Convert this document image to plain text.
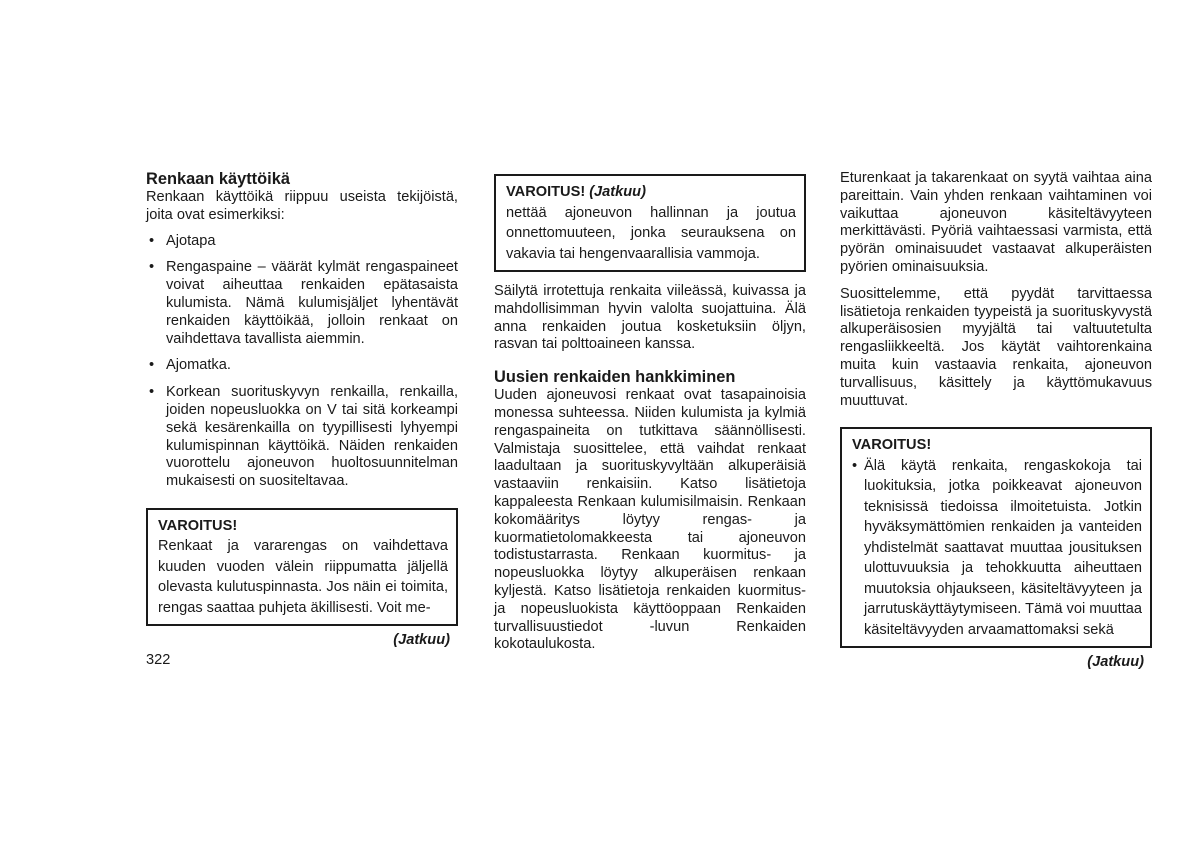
Renkaan käyttöikä

Renkaan käyttöikä riippuu useista tekijöistä, joita ovat esimerkiksi:

• Ajotapa
• Rengaspaine – väärät kylmät rengaspaineet voivat aiheuttaa renkaiden epätasaista kulumista. Nämä kulumisjäljet lyhentävät renkaiden käyttöikää, jolloin renkaat on vaihdettava tavallista aiemmin.
• Ajomatka.
• Korkean suorituskyvyn renkailla, renkailla, joiden nopeusluokka on V tai sitä korkeampi sekä kesärenkailla on tyypillisesti lyhyempi kulumispinnan käyttöikä. Näiden renkaiden vuorottelu ajoneuvon huoltosuunnitelman mukaisesti on suositeltavaa.

VAROITUS!

Renkaat ja vararengas on vaihdettava kuuden vuoden välein riippumatta jäljellä olevasta kulutuspinnasta. Jos näin ei toimita, rengas saattaa puhjeta äkillisesti. Voit me-

(Jatkuu)

VAROITUS! (Jatkuu)

nettää ajoneuvon hallinnan ja joutua onnettomuuteen, jonka seurauksena on vakavia tai hengenvaarallisia vammoja.

Säilytä irrotettuja renkaita viileässä, kuivassa ja mahdollisimman hyvin valolta suojattuina. Älä anna renkaiden joutua kosketuksiin öljyn, rasvan tai polttoaineen kanssa.

Uusien renkaiden hankkiminen

Uuden ajoneuvosi renkaat ovat tasapainoisia monessa suhteessa. Niiden kulumista ja kylmiä rengaspaineita on tutkittava säännöllisesti. Valmistaja suosittelee, että vaihdat renkaat laadultaan ja suorituskyvyltään alkuperäisiä vastaaviin renkaisiin. Katso lisätietoja kappaleesta Renkaan kulumisilmaisin. Renkaan kokomääritys löytyy rengas- ja kuormatietolomakkeesta tai ajoneuvon todistustarrasta. Renkaan kuormitus- ja nopeusluokka löytyy alkuperäisen renkaan kyljestä. Katso lisätietoja renkaiden kuormitus- ja nopeusluokista käyttöoppaan Renkaiden turvallisuustiedot -luvun Renkaiden kokotaulukosta.

Eturenkaat ja takarenkaat on syytä vaihtaa aina pareittain. Vain yhden renkaan vaihtaminen voi vaikuttaa ajoneuvon käsiteltävyyteen merkittävästi. Pyöriä vaihtaessasi varmista, että pyörän ominaisuudet vastaavat alkuperäisten pyörien ominaisuuksia.

Suosittelemme, että pyydät tarvittaessa lisätietoja renkaiden tyypeistä ja suorituskyvystä alkuperäisosien myyjältä tai valtuutetulta rengasliikkeeltä. Jos käytät vaihtorenkaina muita kuin vastaavia renkaita, ajoneuvon turvallisuus, käsittely ja käyttömukavuus muuttuvat.

VAROITUS!

• Älä käytä renkaita, rengaskokoja tai luokituksia, jotka poikkeavat ajoneuvon teknisissä tiedoissa ilmoitetuista. Jotkin hyväksymättömien renkaiden ja vanteiden yhdistelmät saattavat muuttaa jousituksen ulottuvuuksia ja tehokkuutta aiheuttaen muutoksia ohjaukseen, käsiteltävyyteen ja jarrutuskäyttäytymiseen. Tämä voi muuttaa käsiteltävyyden arvaamattomaksi sekä

(Jatkuu)

322
